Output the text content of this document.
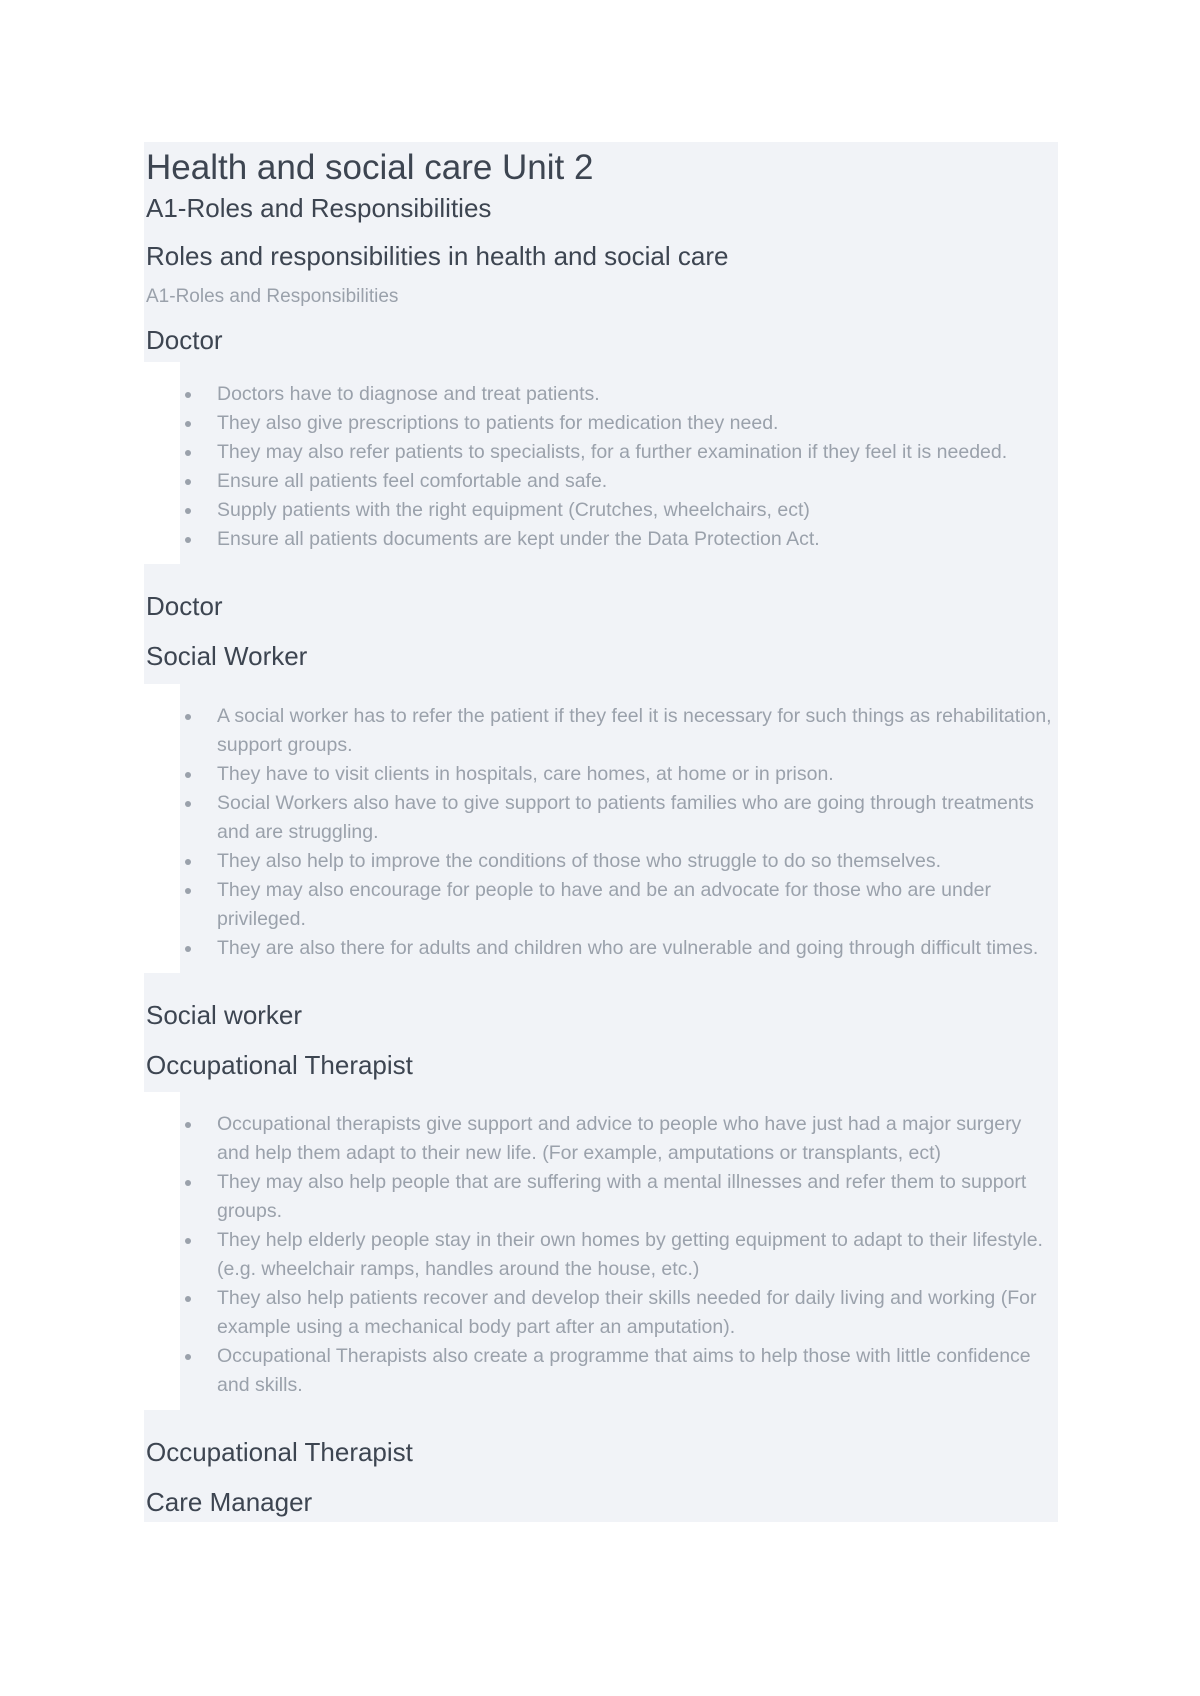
Health and social care Unit 2
A1-Roles and Responsibilities
Roles and responsibilities in health and social care
A1-Roles and Responsibilities
Doctor
Doctors have to diagnose and treat patients.
They also give prescriptions to patients for medication they need.
They may also refer patients to specialists, for a further examination if they feel it is needed.
Ensure all patients feel comfortable and safe.
Supply patients with the right equipment (Crutches, wheelchairs, ect)
Ensure all patients documents are kept under the Data Protection Act.
Doctor
Social Worker
A social worker has to refer the patient if they feel it is necessary for such things as rehabilitation, support groups.
They have to visit clients in hospitals, care homes, at home or in prison.
Social Workers also have to give support to patients families who are going through treatments and are struggling.
They also help to improve the conditions of those who struggle to do so themselves.
They may also encourage for people to have and be an advocate for those who are under privileged.
They are also there for adults and children who are vulnerable and going through difficult times.
Social worker
Occupational Therapist
Occupational therapists give support and advice to people who have just had a major surgery and help them adapt to their new life. (For example, amputations or transplants, ect)
They may also help people that are suffering with a mental illnesses and refer them to support groups.
They help elderly people stay in their own homes by getting equipment to adapt to their lifestyle. (e.g. wheelchair ramps, handles around the house, etc.)
They also help patients recover and develop their skills needed for daily living and working (For example using a mechanical body part after an amputation).
Occupational Therapists also create a programme that aims to help those with little confidence and skills.
Occupational Therapist
Care Manager
